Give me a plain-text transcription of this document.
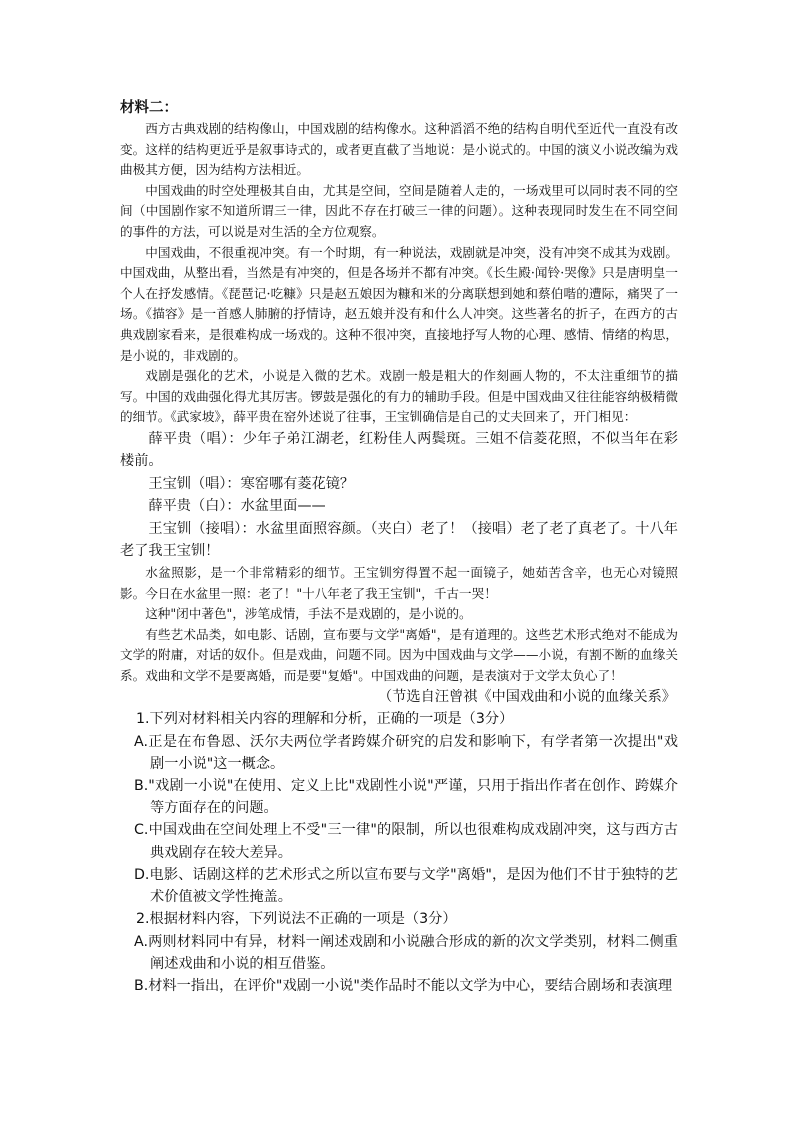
材料二：

西方古典戏剧的结构像山，中国戏剧的结构像水。这种滔滔不绝的结构自明代至近代一直没有改变。这样的结构更近乎是叙事诗式的，或者更直截了当地说：是小说式的。中国的演义小说改编为戏曲极其方便，因为结构方法相近。

中国戏曲的时空处理极其自由，尤其是空间，空间是随着人走的，一场戏里可以同时表不同的空间（中国剧作家不知道所谓三一律，因此不存在打破三一律的问题）。这种表现同时发生在不同空间的事件的方法，可以说是对生活的全方位观察。

中国戏曲，不很重视冲突。有一个时期，有一种说法，戏剧就是冲突，没有冲突不成其为戏剧。中国戏曲，从整出看，当然是有冲突的，但是各场并不都有冲突。《长生殿·闻铃·哭像》只是唐明皇一个人在抒发感情。《琵琶记·吃糠》只是赵五娘因为糠和米的分离联想到她和蔡伯喈的遭际，痛哭了一场。《描容》是一首感人肺腑的抒情诗，赵五娘并没有和什么人冲突。这些著名的折子，在西方的古典戏剧家看来，是很难构成一场戏的。这种不很冲突，直接地抒写人物的心理、感情、情绪的构思，是小说的，非戏剧的。

戏剧是强化的艺术，小说是入微的艺术。戏剧一般是粗大的作刻画人物的，不太注重细节的描写。中国的戏曲强化得尤其厉害。锣鼓是强化的有力的辅助手段。但是中国戏曲又往往能容纳极精微的细节。《武家坡》，薛平贵在窑外述说了往事，王宝钏确信是自己的丈夫回来了，开门相见：

薛平贵（唱）：少年子弟江湖老，红粉佳人两鬓斑。三姐不信菱花照，不似当年在彩楼前。

王宝钏（唱）：寒窑哪有菱花镜？

薛平贵（白）：水盆里面——

王宝钏（接唱）：水盆里面照容颜。（夹白）老了！（接唱）老了老了真老了。十八年老了我王宝钏！

水盆照影，是一个非常精彩的细节。王宝钏穷得置不起一面镜子，她茹苦含辛，也无心对镜照影。今日在水盆里一照：老了！"十八年老了我王宝钏"，千古一哭！

这种"闭中著色"，涉笔成情，手法不是戏剧的，是小说的。

有些艺术品类，如电影、话剧，宣布要与文学"离婚"，是有道理的。这些艺术形式绝对不能成为文学的附庸，对话的奴仆。但是戏曲，问题不同。因为中国戏曲与文学——小说，有割不断的血缘关系。戏曲和文学不是要离婚，而是要"复婚"。中国戏曲的问题，是表演对于文学太负心了！

（节选自汪曾祺《中国戏曲和小说的血缘关系》

1.下列对材料相关内容的理解和分析，正确的一项是（3分）

A.正是在布鲁恩、沃尔夫两位学者跨媒介研究的启发和影响下，有学者第一次提出"戏剧一小说"这一概念。

B."戏剧一小说"在使用、定义上比"戏剧性小说"严谨，只用于指出作者在创作、跨媒介等方面存在的问题。

C.中国戏曲在空间处理上不受"三一律"的限制，所以也很难构成戏剧冲突，这与西方古典戏剧存在较大差异。

D.电影、话剧这样的艺术形式之所以宣布要与文学"离婚"，是因为他们不甘于独特的艺术价值被文学性掩盖。

2.根据材料内容，下列说法不正确的一项是（3分）

A.两则材料同中有异，材料一阐述戏剧和小说融合形成的新的次文学类别，材料二侧重阐述戏曲和小说的相互借鉴。

B.材料一指出，在评价"戏剧一小说"类作品时不能以文学为中心，要结合剧场和表演理
